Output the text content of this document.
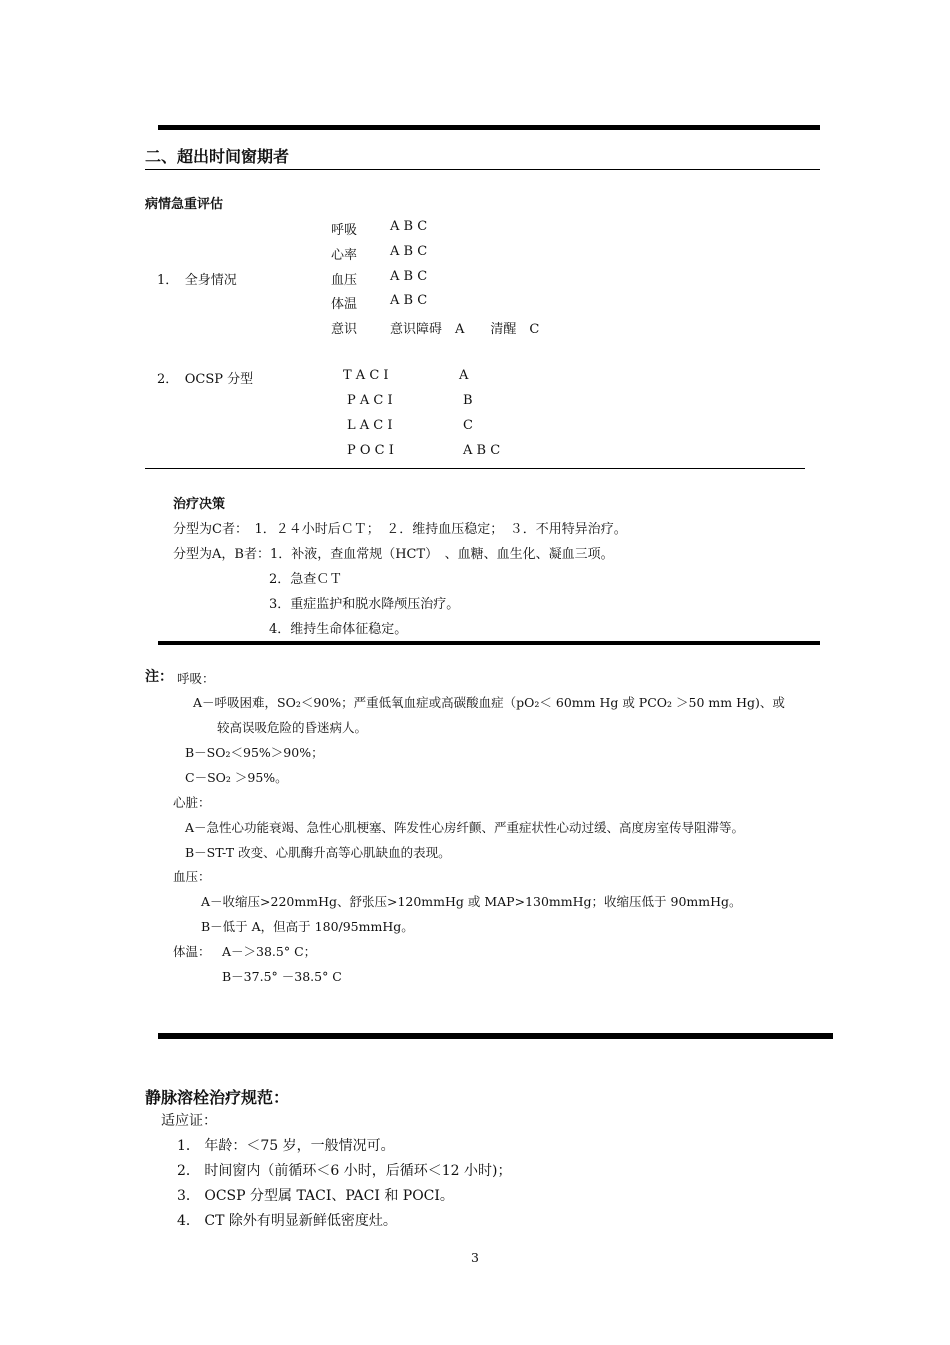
二、超出时间窗期者
病情急重评估
1．　全身情况
呼吸	A B C
心率	A B C
血压	A B C
体温	A B C
意识	意识障碍　A　　清醒　C
2．　OCSP 分型	T A C I	A
P A C I	B
L A C I	C
P O C I	A B C
治疗决策
分型为C者：　1．２４小时后ＣＴ；　２．维持血压稳定；　３．不用特异治疗。
分型为A，B者：1．补液，查血常规（HCT）　、血糖、血生化、凝血三项。
2．急查ＣＴ
3．重症监护和脱水降颅压治疗。
4．维持生命体征稳定。
注： 呼吸：
A－呼吸困难，SO₂＜90%；严重低氧血症或高碳酸血症（pO₂＜ 60mm Hg 或 PCO₂ ＞50 mm Hg)、或
较高误吸危险的昏迷病人。
B－SO₂＜95%＞90%；
C－SO₂ ＞95%。
心脏：
A－急性心功能衰竭、急性心肌梗塞、阵发性心房纤颤、严重症状性心动过缓、高度房室传导阻滞等。
B－ST-T 改变、心肌酶升高等心肌缺血的表现。
血压：
A－收缩压>220mmHg、舒张压>120mmHg 或 MAP>130mmHg；收缩压低于 90mmHg。
B－低于 A，但高于 180/95mmHg。
体温： A－＞38.5° C；
B－37.5° －38.5° C
静脉溶栓治疗规范：
适应证：
1． 年龄：＜75 岁，一般情况可。
2． 时间窗内（前循环＜6 小时，后循环＜12 小时)；
3． OCSP 分型属 TACI、PACI 和 POCI。
4． CT 除外有明显新鲜低密度灶。
3
